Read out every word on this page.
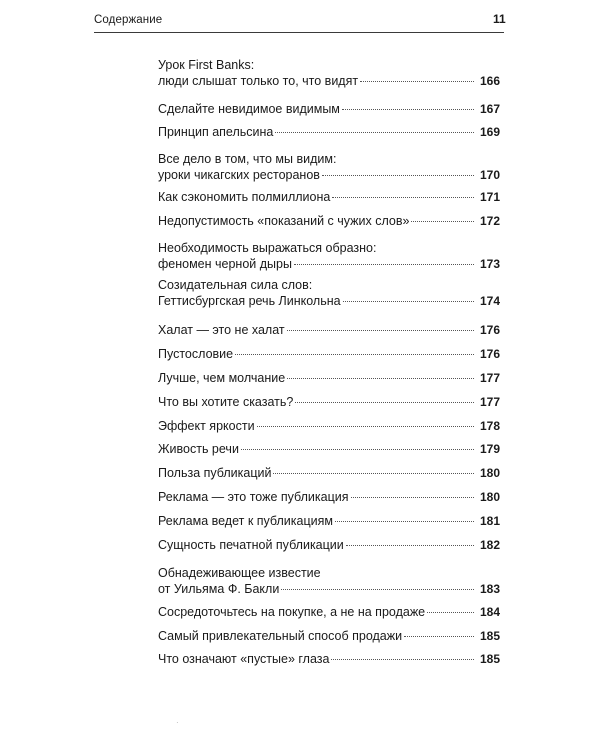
Содержание	11
Урок First Banks:
люди слышат только то, что видят	166
Сделайте невидимое видимым	167
Принцип апельсина	169
Все дело в том, что мы видим:
уроки чикагских ресторанов	170
Как сэкономить полмиллиона	171
Недопустимость «показаний с чужих слов»	172
Необходимость выражаться образно:
феномен черной дыры	173
Созидательная сила слов:
Геттисбургская речь Линкольна	174
Халат — это не халат	176
Пустословие	176
Лучше, чем молчание	177
Что вы хотите сказать?	177
Эффект яркости	178
Живость речи	179
Польза публикаций	180
Реклама — это тоже публикация	180
Реклама ведет к публикациям	181
Сущность печатной публикации	182
Обнадеживающее известие
от Уильяма Ф. Бакли	183
Сосредоточьтесь на покупке, а не на продаже	184
Самый привлекательный способ продажи	185
Что означают «пустые» глаза	185
·
